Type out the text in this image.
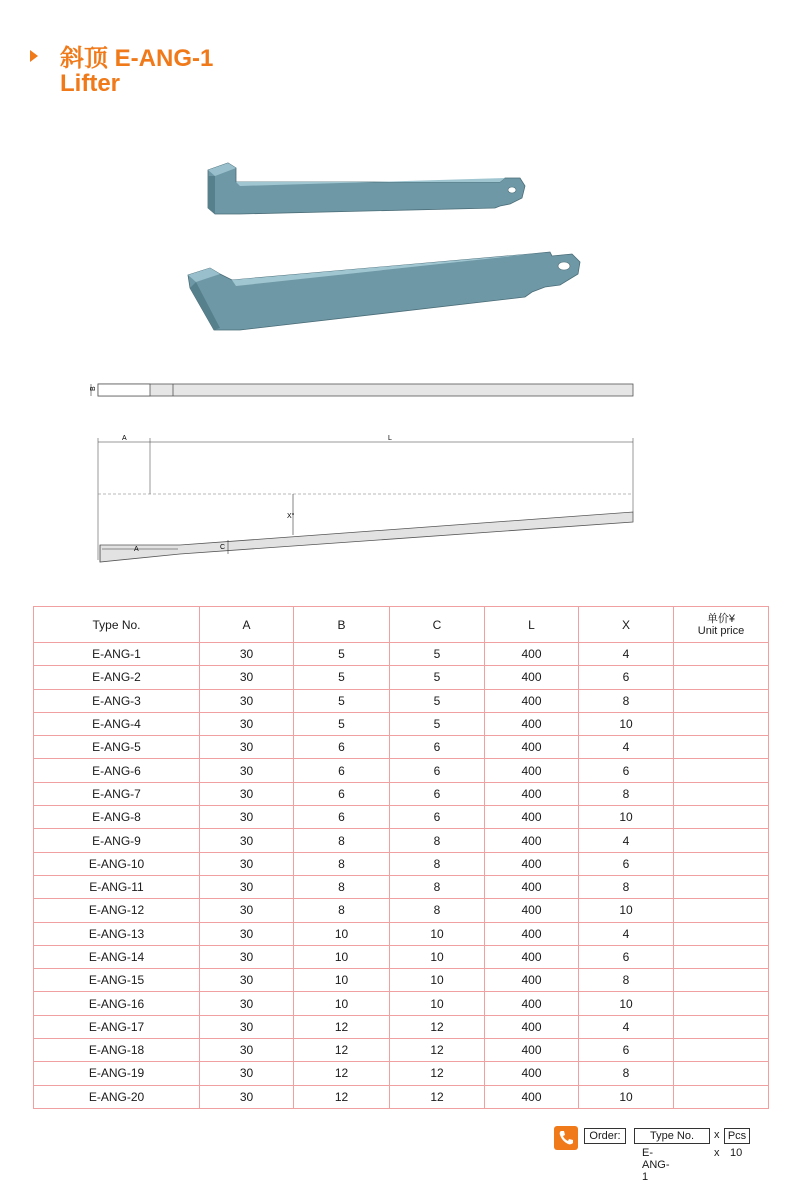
斜顶 E-ANG-1
Lifter
B
A	L
X°
A	C
Type No.	A	B	C	L	X	单价¥
Unit price

E-ANG-1	30	5	5	400	4	
E-ANG-2	30	5	5	400	6	
E-ANG-3	30	5	5	400	8	
E-ANG-4	30	5	5	400	10	
E-ANG-5	30	6	6	400	4	
E-ANG-6	30	6	6	400	6	
E-ANG-7	30	6	6	400	8	
E-ANG-8	30	6	6	400	10	
E-ANG-9	30	8	8	400	4	
E-ANG-10	30	8	8	400	6	
E-ANG-11	30	8	8	400	8	
E-ANG-12	30	8	8	400	10	
E-ANG-13	30	10	10	400	4	
E-ANG-14	30	10	10	400	6	
E-ANG-15	30	10	10	400	8	
E-ANG-16	30	10	10	400	10	
E-ANG-17	30	12	12	400	4	
E-ANG-18	30	12	12	400	6	
E-ANG-19	30	12	12	400	8	
E-ANG-20	30	12	12	400	10	
Order:	Type No.	x Pcs
E-ANG-1
x 10
